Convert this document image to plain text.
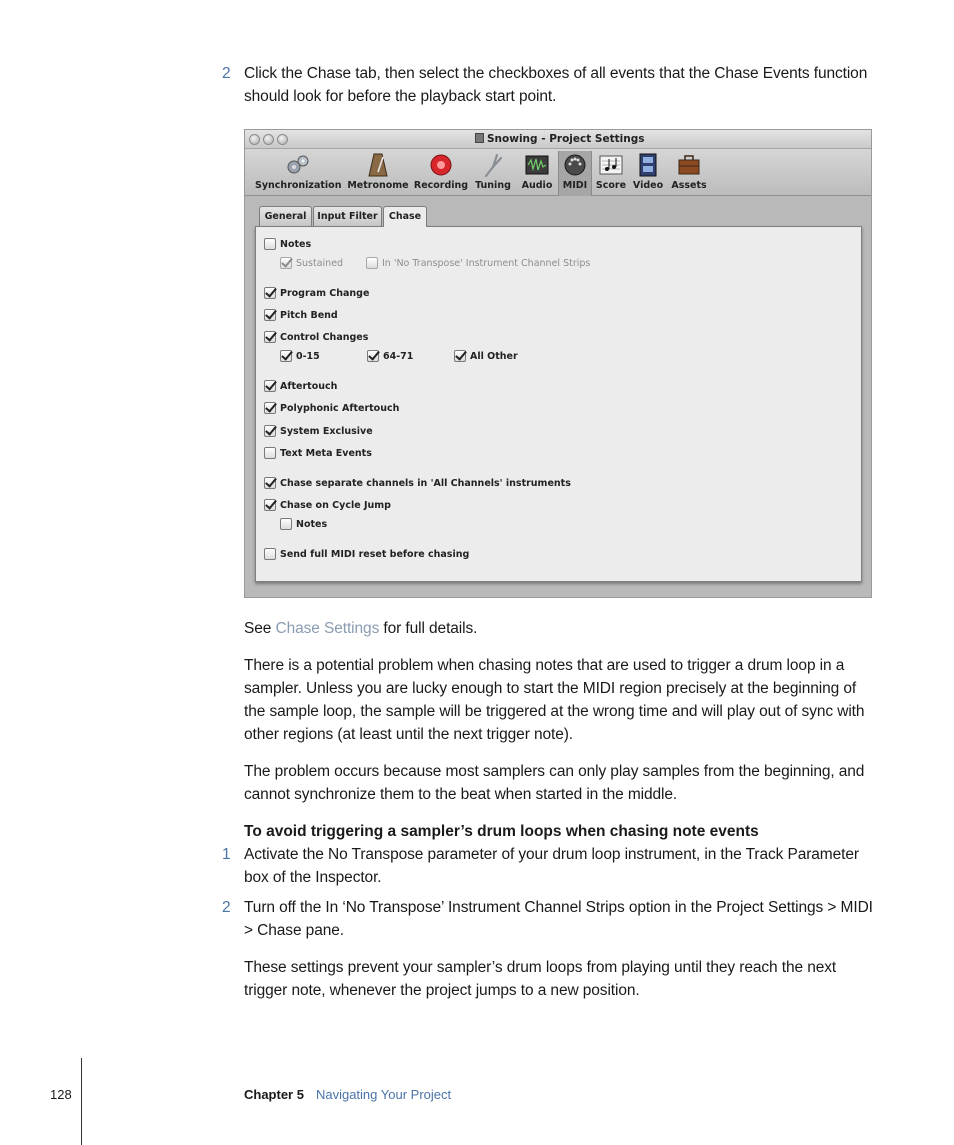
2 Click the Chase tab, then select the checkboxes of all events that the Chase Events function should look for before the playback start point.
Snowing - Project Settings
Synchronization Metronome Recording Tuning	Audio	MIDI Score Video Assets
General	Input Filter	Chase
Notes
Sustained	In 'No Transpose' Instrument Channel Strips
Program Change
Pitch Bend
Control Changes
0-15	64-71	All Other
Aftertouch
Polyphonic Aftertouch
System Exclusive
Text Meta Events
Chase separate channels in 'All Channels' instruments
Chase on Cycle Jump
Notes
Send full MIDI reset before chasing
See Chase Settings for full details.
There is a potential problem when chasing notes that are used to trigger a drum loop in a sampler. Unless you are lucky enough to start the MIDI region precisely at the beginning of the sample loop, the sample will be triggered at the wrong time and will play out of sync with other regions (at least until the next trigger note).
The problem occurs because most samplers can only play samples from the beginning, and cannot synchronize them to the beat when started in the middle.
To avoid triggering a sampler’s drum loops when chasing note events
1 Activate the No Transpose parameter of your drum loop instrument, in the Track Parameter box of the Inspector.
2 Turn off the In ‘No Transpose’ Instrument Channel Strips option in the Project Settings > MIDI > Chase pane.
These settings prevent your sampler’s drum loops from playing until they reach the next trigger note, whenever the project jumps to a new position.
128	Chapter 5 Navigating Your Project
